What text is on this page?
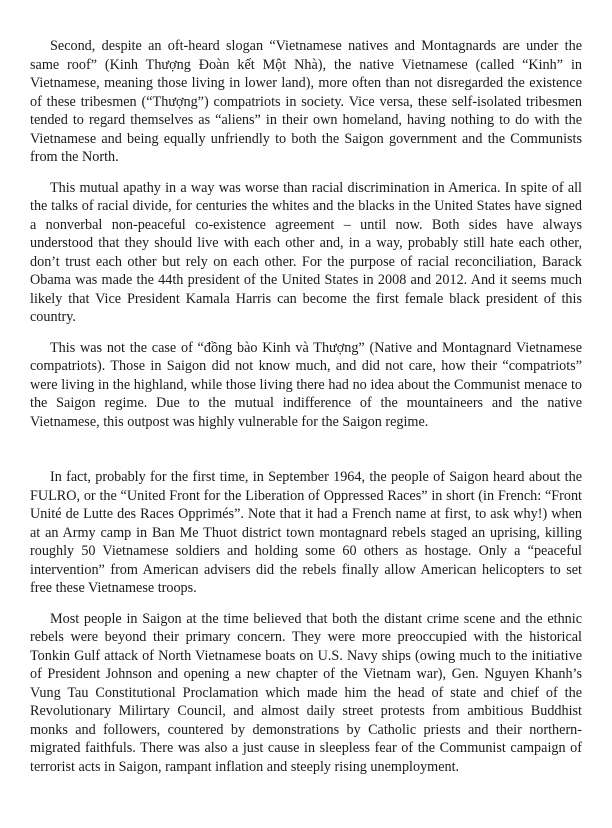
Second, despite an oft-heard slogan “Vietnamese natives and Montagnards are under the same roof” (Kinh Thượng Đoàn kết Một Nhà), the native Vietnamese (called “Kinh” in Vietnamese, meaning those living in lower land), more often than not disregarded the existence of these tribesmen (“Thượng”) compatriots in society. Vice versa, these self-isolated tribesmen tended to regard themselves as “aliens” in their own homeland, having nothing to do with the Vietnamese and being equally unfriendly to both the Saigon government and the Communists from the North.

This mutual apathy in a way was worse than racial discrimination in America. In spite of all the talks of racial divide, for centuries the whites and the blacks in the United States have signed a nonverbal non-peaceful co-existence agreement – until now. Both sides have always understood that they should live with each other and, in a way, probably still hate each other, don’t trust each other but rely on each other. For the purpose of racial reconciliation, Barack Obama was made the 44th president of the United States in 2008 and 2012. And it seems much likely that Vice President Kamala Harris can become the first female black president of this country.

This was not the case of “đồng bào Kinh và Thượng” (Native and Montagnard Vietnamese compatriots). Those in Saigon did not know much, and did not care, how their “compatriots” were living in the highland, while those living there had no idea about the Communist menace to the Saigon regime. Due to the mutual indifference of the mountaineers and the native Vietnamese, this outpost was highly vulnerable for the Saigon regime.

In fact, probably for the first time, in September 1964, the people of Saigon heard about the FULRO, or the “United Front for the Liberation of Oppressed Races” in short (in French: “Front Unité de Lutte des Races Opprimés”. Note that it had a French name at first, to ask why!) when at an Army camp in Ban Me Thuot district town montagnard rebels staged an uprising, killing roughly 50 Vietnamese soldiers and holding some 60 others as hostage. Only a “peaceful intervention” from American advisers did the rebels finally allow American helicopters to set free these Vietnamese troops.

Most people in Saigon at the time believed that both the distant crime scene and the ethnic rebels were beyond their primary concern. They were more preoccupied with the historical Tonkin Gulf attack of North Vietnamese boats on U.S. Navy ships (owing much to the initiative of President Johnson and opening a new chapter of the Vietnam war), Gen. Nguyen Khanh’s Vung Tau Constitutional Proclamation which made him the head of state and chief of the Revolutionary Milirtary Council, and almost daily street protests from ambitious Buddhist monks and followers, countered by demonstrations by Catholic priests and their northern-migrated faithfuls. There was also a just cause in sleepless fear of the Communist campaign of terrorist acts in Saigon, rampant inflation and steeply rising unemployment.
